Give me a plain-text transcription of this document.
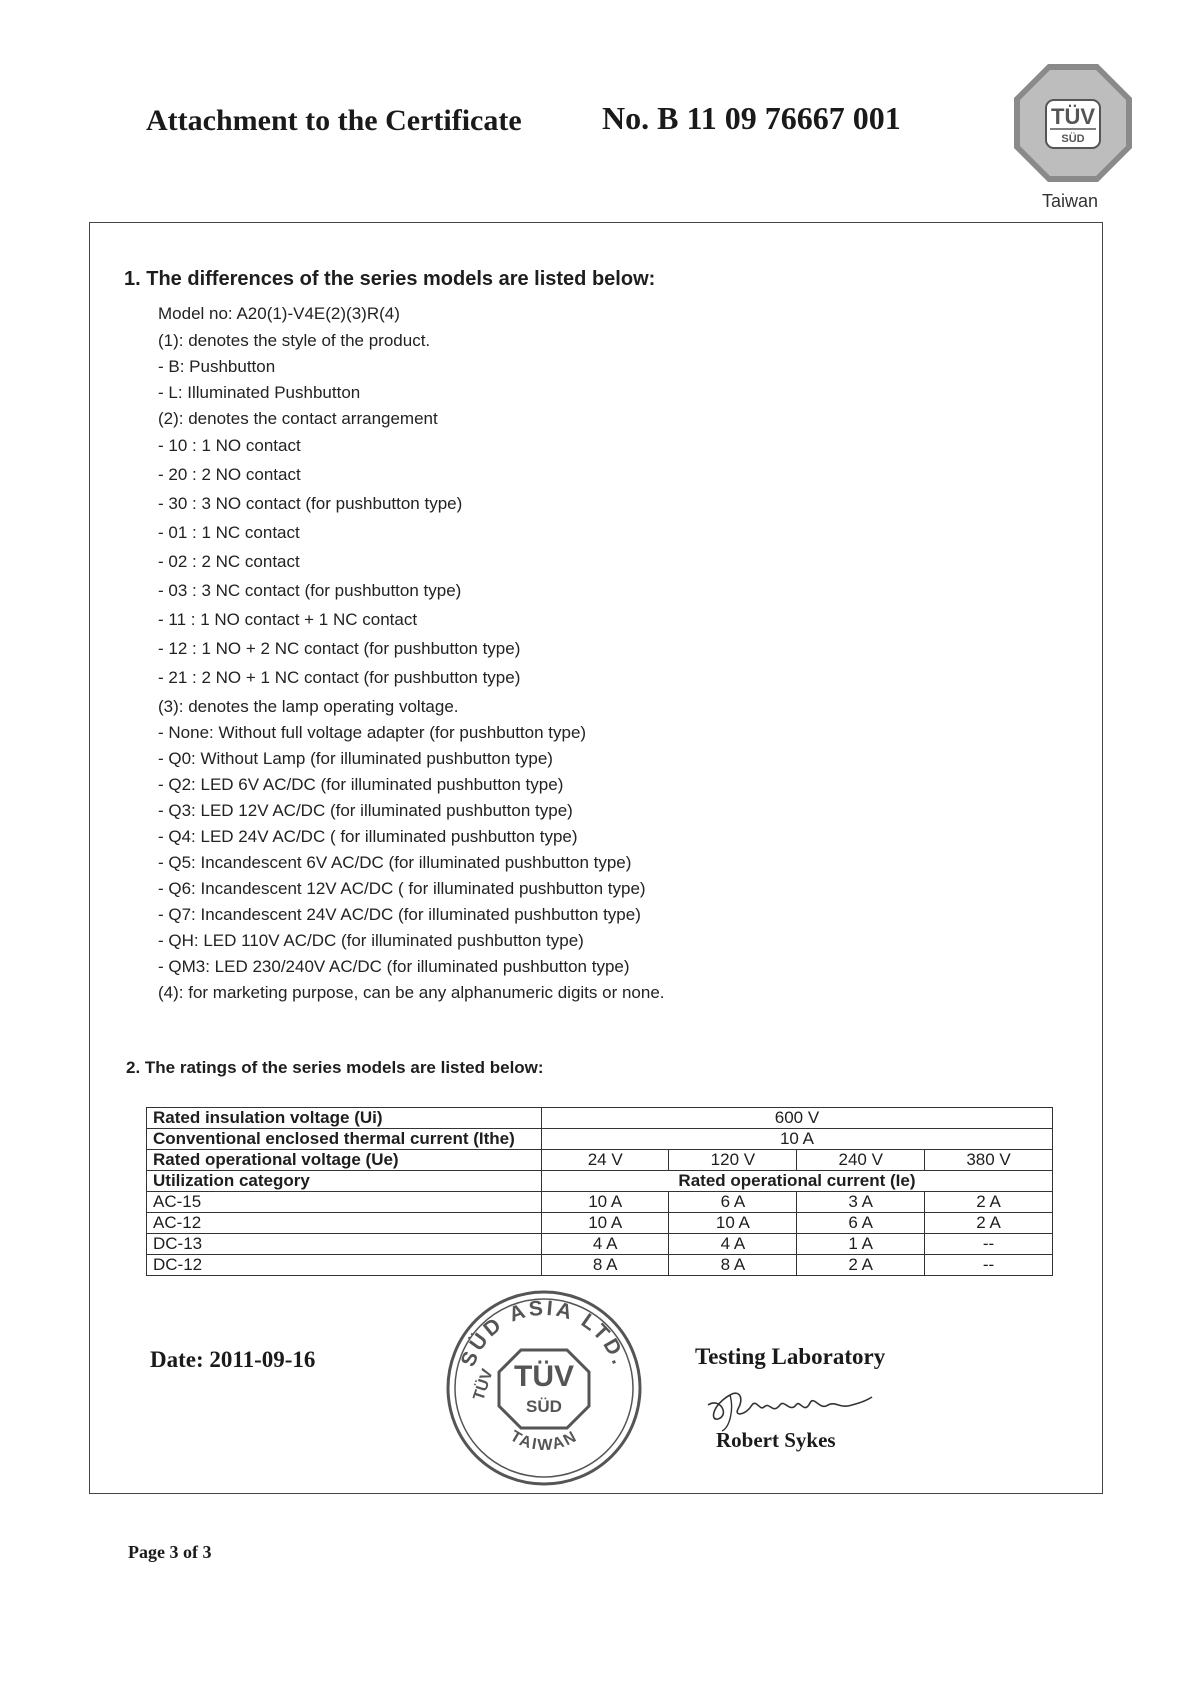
Attachment to the Certificate	No. B 11 09 76667 001	TÜV
SÜD
Taiwan
1. The differences of the series models are listed below:
Model no: A20(1)-V4E(2)(3)R(4)
(1): denotes the style of the product.
- B: Pushbutton
- L: Illuminated Pushbutton
(2): denotes the contact arrangement
- 10 : 1 NO contact
- 20 : 2 NO contact
- 30 : 3 NO contact (for pushbutton type)
- 01 : 1 NC contact
- 02 : 2 NC contact
- 03 : 3 NC contact (for pushbutton type)
- 11 : 1 NO contact + 1 NC contact
- 12 : 1 NO + 2 NC contact (for pushbutton type)
- 21 : 2 NO + 1 NC contact (for pushbutton type)
(3): denotes the lamp operating voltage.
- None: Without full voltage adapter (for pushbutton type)
- Q0: Without Lamp (for illuminated pushbutton type)
- Q2: LED 6V AC/DC (for illuminated pushbutton type)
- Q3: LED 12V AC/DC (for illuminated pushbutton type)
- Q4: LED 24V AC/DC ( for illuminated pushbutton type)
- Q5: Incandescent 6V AC/DC (for illuminated pushbutton type)
- Q6: Incandescent 12V AC/DC ( for illuminated pushbutton type)
- Q7: Incandescent 24V AC/DC (for illuminated pushbutton type)
- QH: LED 110V AC/DC (for illuminated pushbutton type)
- QM3: LED 230/240V AC/DC (for illuminated pushbutton type)
(4): for marketing purpose, can be any alphanumeric digits or none.
2. The ratings of the series models are listed below:
Rated insulation voltage (Ui)	600 V			
Conventional enclosed thermal current (Ithe)	10 A			
Rated operational voltage (Ue)	24 V	120 V	240 V	380 V
Utilization category	Rated operational current (Ie)			
AC-15	10 A	6 A	3 A	2 A
AC-12	10 A	10 A	6 A	2 A
DC-13	4 A	4 A	1 A	--
DC-12	8 A	8 A	2 A	--
Date: 2011-09-16	SÜD ASIA LTD.
TÜV TÜV
SÜD
TAIWAN
Testing Laboratory
Robert Sykes
Page 3 of 3
